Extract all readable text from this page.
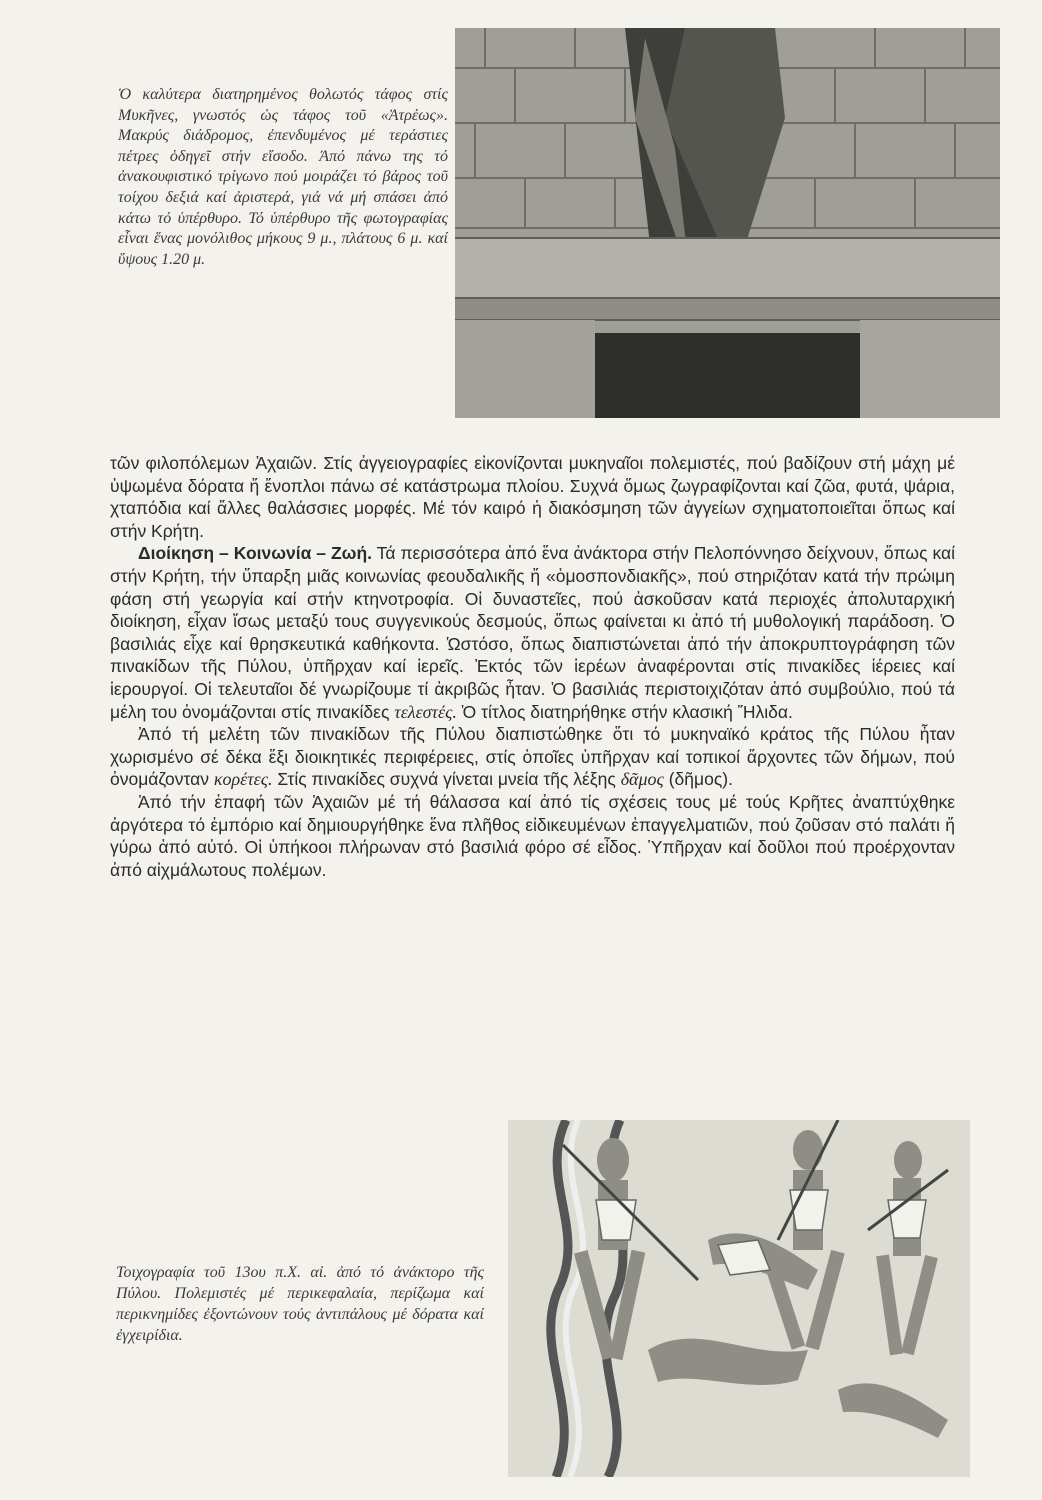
Ὁ καλύτερα διατηρημένος θολωτός τάφος στίς Μυκῆνες, γνωστός ὡς τάφος τοῦ «Ἀτρέως». Μακρύς διάδρομος, ἐπενδυμένος μέ τεράστιες πέτρες ὁδηγεῖ στήν εἴσοδο. Ἀπό πάνω της τό ἀνακουφιστικό τρίγωνο πού μοιράζει τό βάρος τοῦ τοίχου δεξιά καί ἀριστερά, γιά νά μή σπάσει ἀπό κάτω τό ὑπέρθυρο. Τό ὑπέρθυρο τῆς φωτογραφίας εἶναι ἕνας μονόλιθος μήκους 9 μ., πλάτους 6 μ. καί ὕψους 1.20 μ.

τῶν φιλοπόλεμων Ἀχαιῶν. Στίς ἀγγειογραφίες εἰκονίζονται μυκηναῖοι πολεμιστές, πού βαδίζουν στή μάχη μέ ὑψωμένα δόρατα ἤ ἔνοπλοι πάνω σέ κατάστρωμα πλοίου. Συχνά ὅμως ζωγραφίζονται καί ζῶα, φυτά, ψάρια, χταπόδια καί ἄλλες θαλάσσιες μορφές. Μέ τόν καιρό ἡ διακόσμηση τῶν ἀγγείων σχηματοποιεῖται ὅπως καί στήν Κρήτη.

Διοίκηση – Κοινωνία – Ζωή. Τά περισσότερα ἀπό ἕνα ἀνάκτορα στήν Πελοπόννησο δείχνουν, ὅπως καί στήν Κρήτη, τήν ὕπαρξη μιᾶς κοινωνίας φεουδαλικῆς ἤ «ὁμοσπονδιακῆς», πού στηριζόταν κατά τήν πρώιμη φάση στή γεωργία καί στήν κτηνοτροφία. Οἱ δυναστεῖες, πού ἀσκοῦσαν κατά περιοχές ἀπολυταρχική διοίκηση, εἶχαν ἴσως μεταξύ τους συγγενικούς δεσμούς, ὅπως φαίνεται κι ἀπό τή μυθολογική παράδοση. Ὁ βασιλιάς εἶχε καί θρησκευτικά καθήκοντα. Ὡστόσο, ὅπως διαπιστώνεται ἀπό τήν ἀποκρυπτογράφηση τῶν πινακίδων τῆς Πύλου, ὑπῆρχαν καί ἱερεῖς. Ἐκτός τῶν ἱερέων ἀναφέρονται στίς πινακίδες ἱέρειες καί ἱερουργοί. Οἱ τελευταῖοι δέ γνωρίζουμε τί ἀκριβῶς ἦταν. Ὁ βασιλιάς περιστοιχιζόταν ἀπό συμβούλιο, πού τά μέλη του ὀνομάζονται στίς πινακίδες τελεστές. Ὁ τίτλος διατηρήθηκε στήν κλασική Ἤλιδα.

Ἀπό τή μελέτη τῶν πινακίδων τῆς Πύλου διαπιστώθηκε ὅτι τό μυκηναϊκό κράτος τῆς Πύλου ἦταν χωρισμένο σέ δέκα ἕξι διοικητικές περιφέρειες, στίς ὁποῖες ὑπῆρχαν καί τοπικοί ἄρχοντες τῶν δήμων, πού ὀνομάζονταν κορέτες. Στίς πινακίδες συχνά γίνεται μνεία τῆς λέξης δᾶμος (δῆμος).

Ἀπό τήν ἐπαφή τῶν Ἀχαιῶν μέ τή θάλασσα καί ἀπό τίς σχέσεις τους μέ τούς Κρῆτες ἀναπτύχθηκε ἀργότερα τό ἐμπόριο καί δημιουργήθηκε ἕνα πλῆθος εἰδικευμένων ἐπαγγελματιῶν, πού ζοῦσαν στό παλάτι ἤ γύρω ἀπό αὐτό. Οἱ ὑπήκοοι πλήρωναν στό βασιλιά φόρο σέ εἶδος. Ὑπῆρχαν καί δοῦλοι πού προέρχονταν ἀπό αἰχμάλωτους πολέμων.

Τοιχογραφία τοῦ 13ου π.Χ. αἰ. ἀπό τό ἀνάκτορο τῆς Πύλου. Πολεμιστές μέ περικεφαλαία, περίζωμα καί περικνημίδες ἐξοντώνουν τούς ἀντιπάλους μέ δόρατα καί ἐγχειρίδια.
